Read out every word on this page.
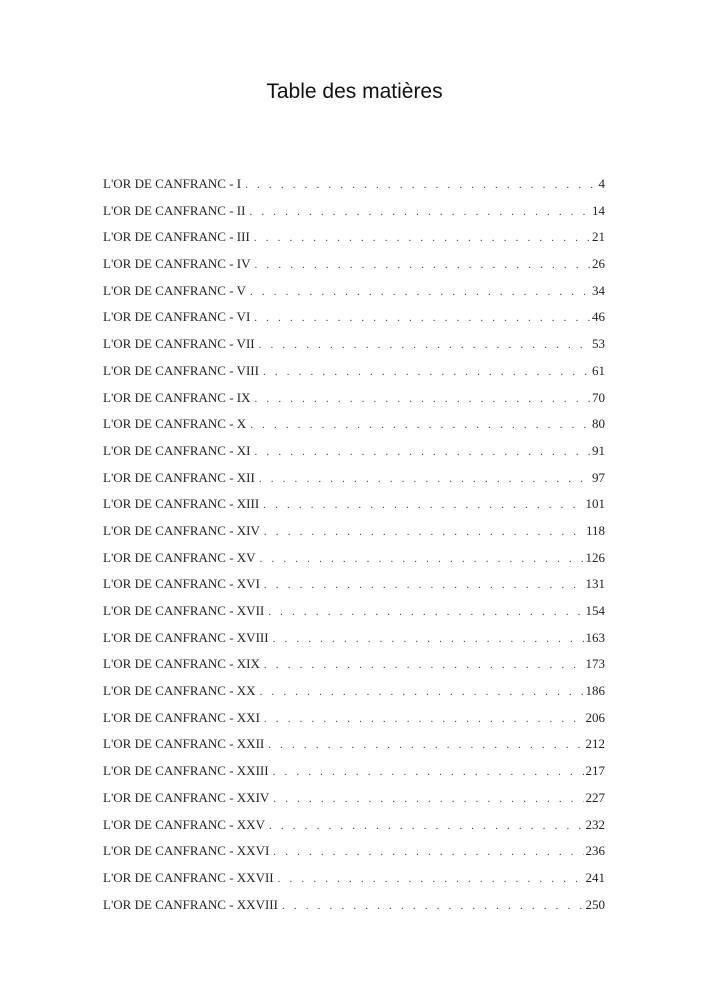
Table des matières
L'OR DE CANFRANC - I . . .	4
L'OR DE CANFRANC - II . . .	14
L'OR DE CANFRANC - III . . .	21
L'OR DE CANFRANC - IV . . .	26
L'OR DE CANFRANC - V . . .	34
L'OR DE CANFRANC - VI . . .	46
L'OR DE CANFRANC - VII . . .	53
L'OR DE CANFRANC - VIII . . .	61
L'OR DE CANFRANC - IX . . .	70
L'OR DE CANFRANC - X . . .	80
L'OR DE CANFRANC - XI . . .	91
L'OR DE CANFRANC - XII . . .	97
L'OR DE CANFRANC - XIII . . .	101
L'OR DE CANFRANC - XIV . . .	118
L'OR DE CANFRANC - XV . . .	126
L'OR DE CANFRANC - XVI . . .	131
L'OR DE CANFRANC - XVII . . .	154
L'OR DE CANFRANC - XVIII . . .	163
L'OR DE CANFRANC - XIX . . .	173
L'OR DE CANFRANC - XX . . .	186
L'OR DE CANFRANC - XXI . . .	206
L'OR DE CANFRANC - XXII . . .	212
L'OR DE CANFRANC - XXIII . . .	217
L'OR DE CANFRANC - XXIV . . .	227
L'OR DE CANFRANC - XXV . . .	232
L'OR DE CANFRANC - XXVI . . .	236
L'OR DE CANFRANC - XXVII . . .	241
L'OR DE CANFRANC - XXVIII . . .	250
